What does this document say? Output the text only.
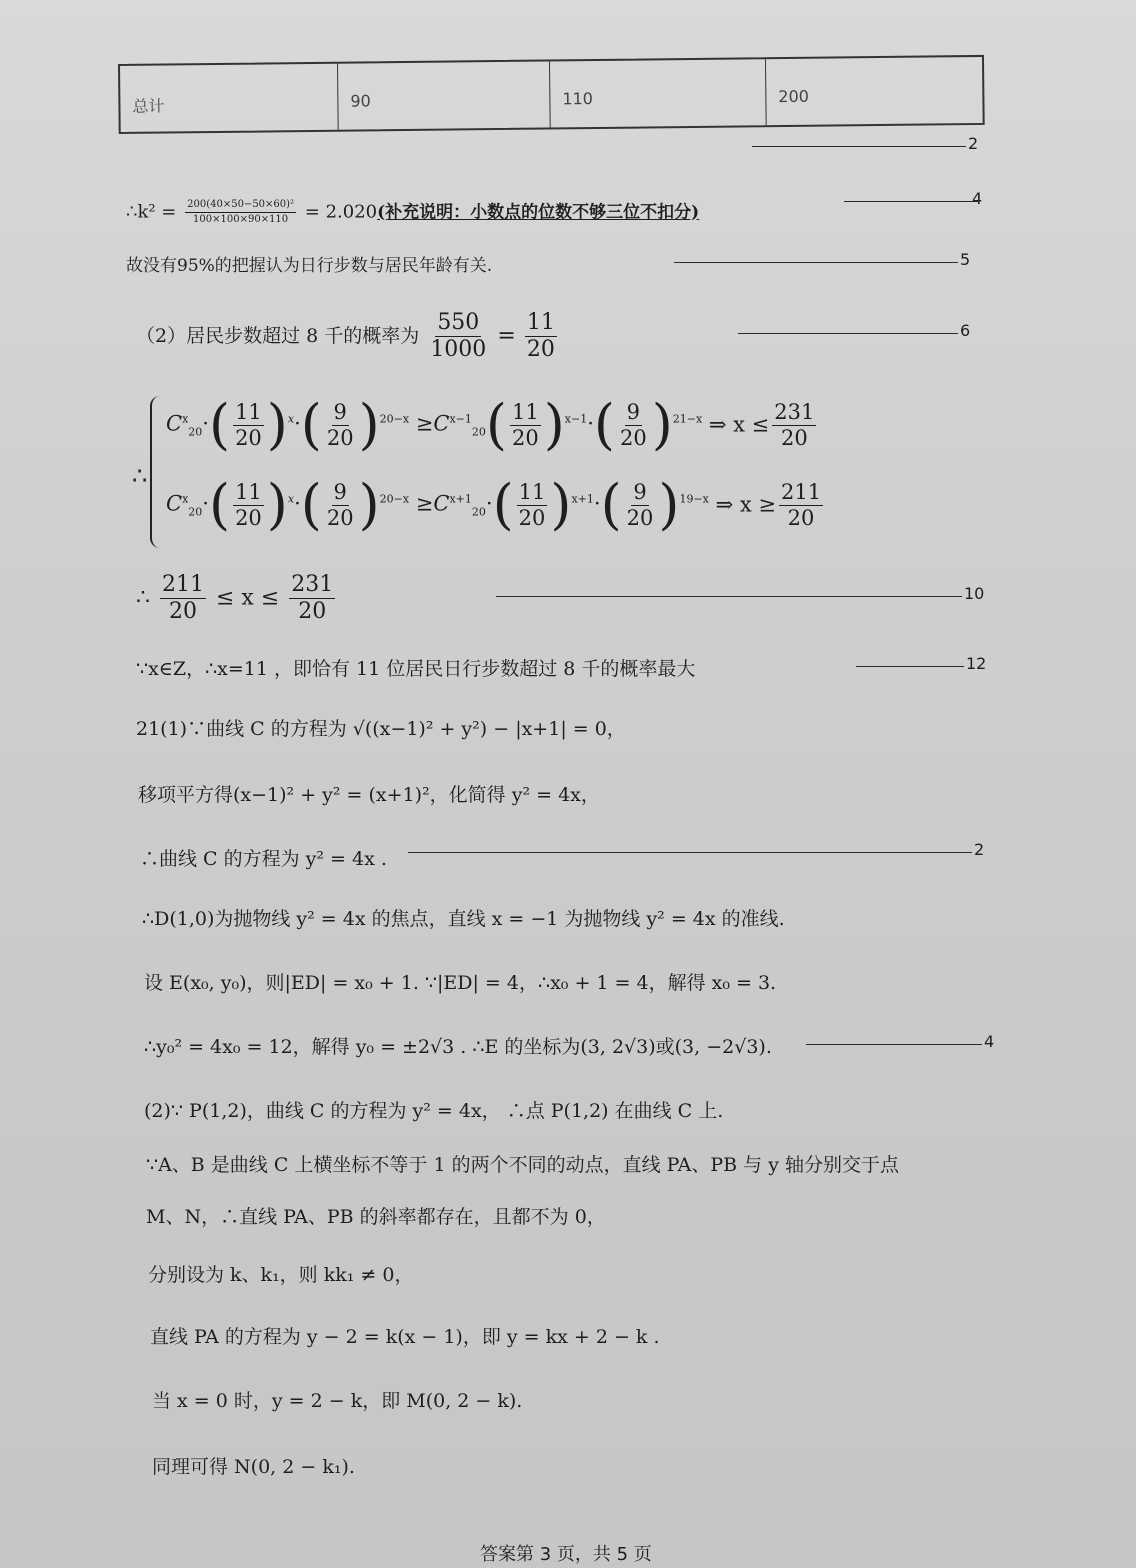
总计	90	110	200
2
∴k² = $\frac{\text{200(40×50−50×60)²}}{100\times 100\times 90\times 110} = 2.020$(补充说明：小数点的位数不够三位不扣分)
4
故没有95%的把握认为日行步数与居民年龄有关.	5
（2）居民步数超过 8 千的概率为 $\frac{550}{1000} = \frac{11}{20}$	6
∴
$C^x_{20}\cdot( \frac{11}{20} )^x\cdot( \frac{9}{20} )^{20-x} \ge C^{x-1}_{20}( \frac{11}{20} )^{x-1}\cdot( \frac{9}{20} )^{21-x}$ ⇒ $x \le \frac{231}{20}$
$C^x_{20}\cdot( \frac{11}{20} )^x\cdot( \frac{9}{20} )^{20-x} \ge C^{x+1}_{20}\cdot( \frac{11}{20} )^{x+1}\cdot( \frac{9}{20} )^{19-x}$ ⇒ $x \ge \frac{211}{20}$
∴ $\frac{211}{20} \le x \le \frac{231}{20}$	10
∵x∈Z，∴x=11 ，即恰有 11 位居民日行步数超过 8 千的概率最大	12
21(1)∵曲线 C 的方程为 √((x−1)² + y²) − |x+1| = 0，
移项平方得(x−1)² + y² = (x+1)²，化简得 y² = 4x，
∴曲线 C 的方程为 y² = 4x .	2
∴D(1,0)为抛物线 y² = 4x 的焦点，直线 x = −1 为抛物线 y² = 4x 的准线.
设 E(x₀, y₀)，则|ED| = x₀ + 1. ∵|ED| = 4，∴x₀ + 1 = 4，解得 x₀ = 3.
∴y₀² = 4x₀ = 12，解得 y₀ = ±2√3 . ∴E 的坐标为(3, 2√3)或(3, −2√3).	4
(2)∵ P(1,2)，曲线 C 的方程为 y² = 4x， ∴点 P(1,2) 在曲线 C 上.
∵A、B 是曲线 C 上横坐标不等于 1 的两个不同的动点，直线 PA、PB 与 y 轴分别交于点
M、N，∴直线 PA、PB 的斜率都存在，且都不为 0，
分别设为 k、k₁，则 kk₁ ≠ 0，
直线 PA 的方程为 y − 2 = k(x − 1)，即 y = kx + 2 − k .
当 x = 0 时，y = 2 − k，即 M(0, 2 − k).
同理可得 N(0, 2 − k₁).
答案第 3 页，共 5 页
